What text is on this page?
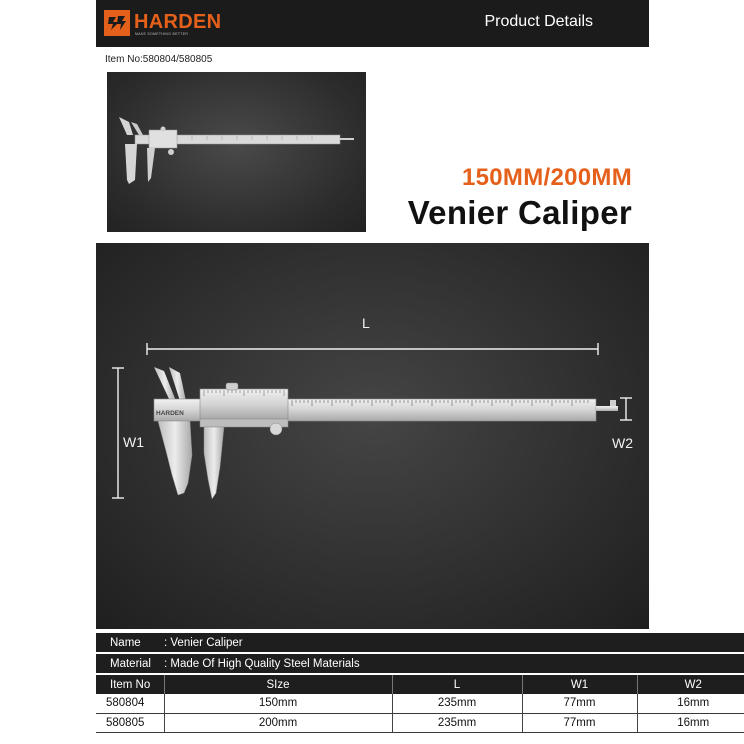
HARDEN
MAKE SOMETHING BETTER
Product Details
Item No:580804/580805
150MM/200MM
Venier Caliper
HARDEN
L
W1	W2
Name	: Venier Caliper			

Material	: Made Of High Quality Steel Materials			

Item No	SIze	L	W1	W2
580804	150mm	235mm	77mm	16mm
580805	200mm	235mm	77mm	16mm
